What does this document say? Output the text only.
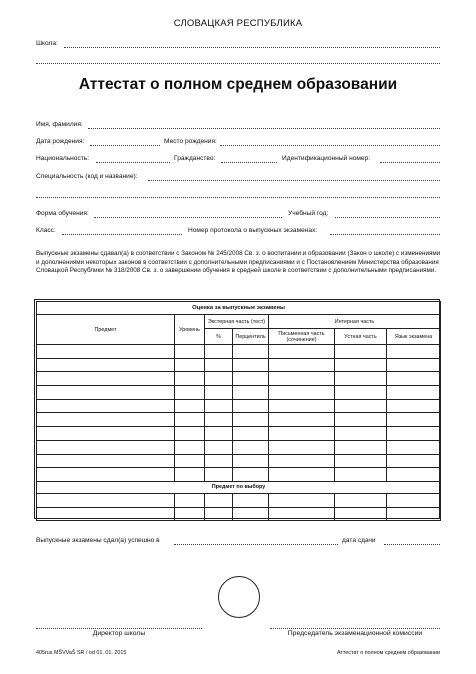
СЛОВАЦКАЯ РЕСПУБЛИКА
Школа:
Аттестат о полном среднем образовании
Имя, фамилия:
Дата рождения:	Место рождения:
Национальность:	Гражданство:	Идентификационный номер:
Специальность (код и название):
Форма обучения:	Учебный год:
Класс:	Номер протокола о выпускных экзаменах:
Выпускные экзамены сдавал(а) в соответствии с Законом № 245/2008 Св. з. о воспитании и образовании (Закон о школе) с изменениями и дополнениями некоторых законов в соответствии с дополнительными предписаниями и с Постановлением Министерства образования Словацкой Республики № 318/2008 Св. з. о завершении обучения в средней школе в соответствии с дополнительными предписаниями.
Оценка за выпускные экзамены						
Предмет	Уровень	Экстерная часть (тест)		Интерная часть		
		%	Перцентиль	Письменная часть (сочинение)	Устная часть	Язык экзамена

Предмет по выбору						

Выпускные экзамены сдал(а) успешно в	дата сдачи
Директор школы	Председатель экзаменационной комиссии
405rus MŠVVaŠ SR / od 01. 01. 2015	Аттестат о полном среднем образовании
